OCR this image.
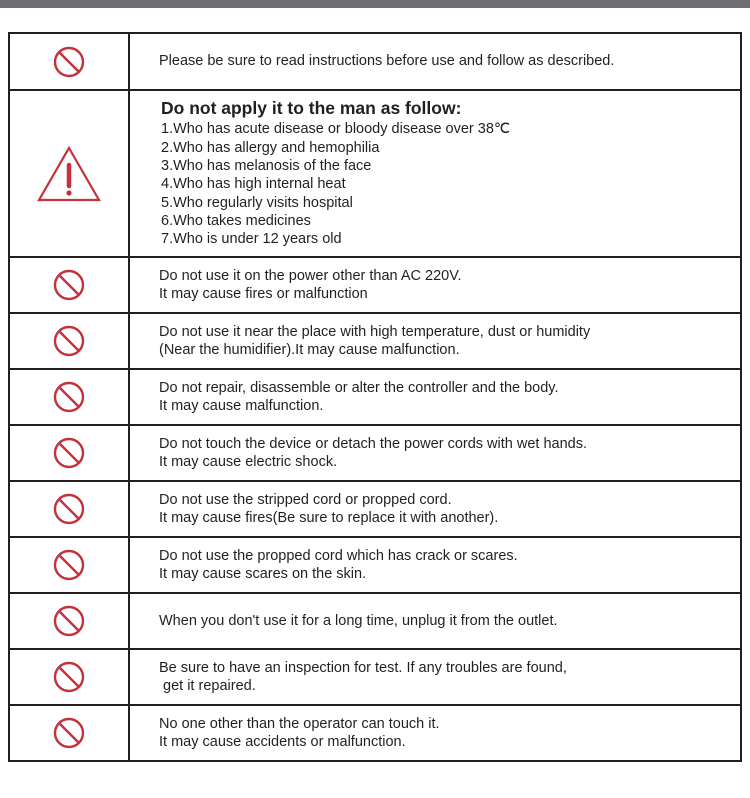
Please be sure to read instructions before use and follow as described.
Do not apply it to the man as follow:
1.Who has acute disease or bloody disease over 38℃
2.Who has allergy and hemophilia
3.Who has melanosis of the face
4.Who has high internal heat
5.Who regularly visits hospital
6.Who takes medicines
7.Who is under 12 years old
Do not use it on the power other than AC 220V.
It may cause fires or malfunction
Do not use it near the place with high temperature, dust or humidity
(Near the humidifier).It may cause malfunction.
Do not repair, disassemble or alter the controller and the body.
It may cause malfunction.
Do not touch the device or detach the power cords with wet hands.
It may cause electric shock.
Do not use the stripped cord or propped cord.
It may cause fires(Be sure to replace it with another).
Do not use the propped cord which has crack or scares.
It may cause scares on the skin.
When you don't use it for a long time, unplug it from the outlet.
Be sure to have an inspection for test. If any troubles are found,
get it repaired.
No one other than the operator can touch it.
It may cause accidents or malfunction.
